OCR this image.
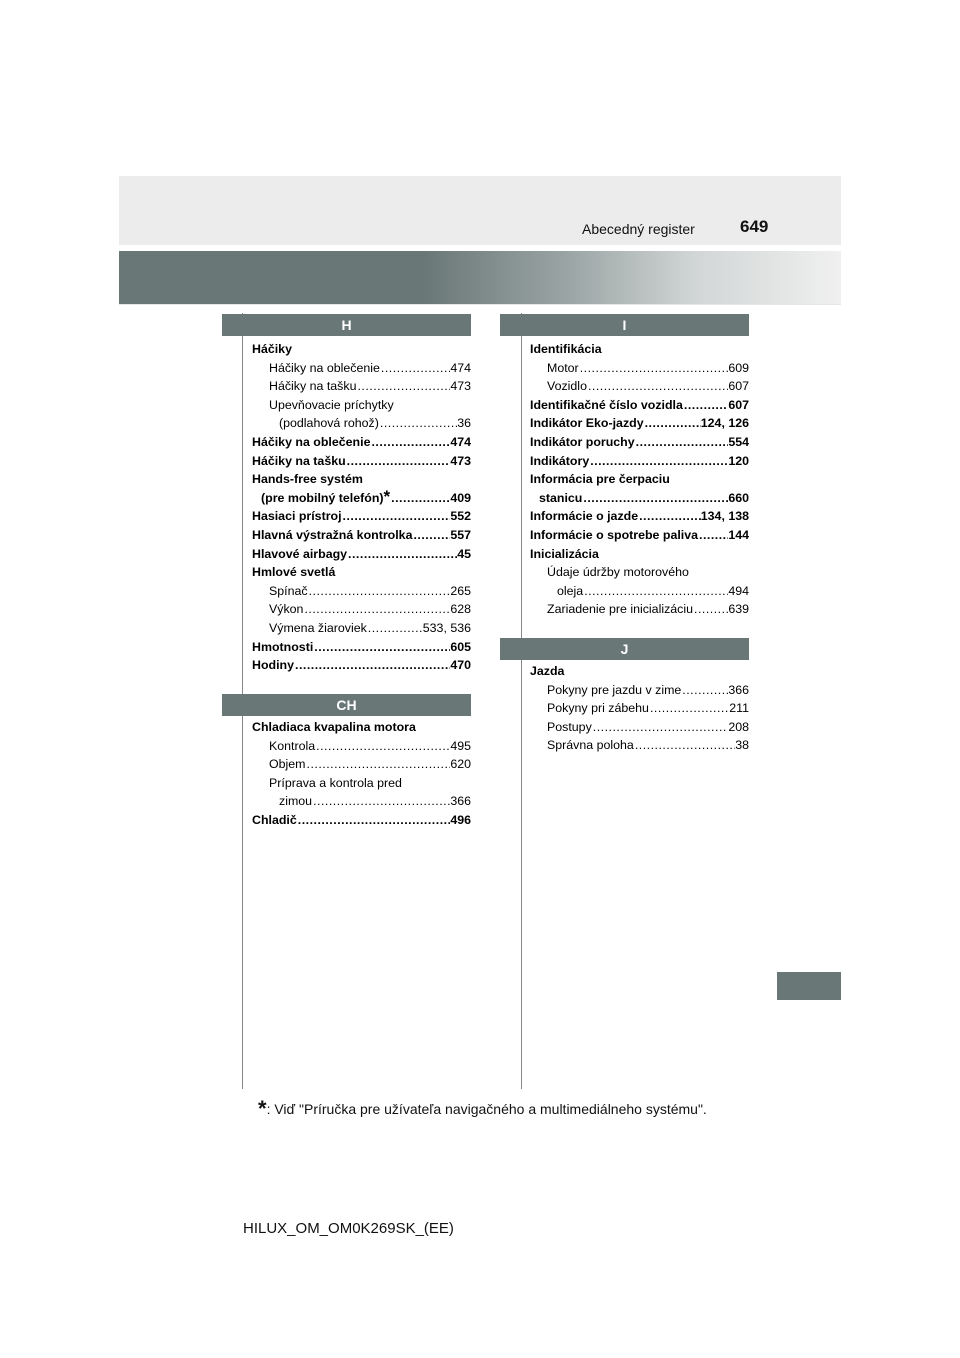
Abecedný register	649
H
Háčiky
Háčiky na oblečenie .....	474
Háčiky na tašku .....	473
Upevňovacie príchytky
(podlahová rohož) .....	36
Háčiky na oblečenie .....	474
Háčiky na tašku .....	473
Hands-free systém
(pre mobilný telefón) * .....	409
Hasiaci prístroj .....	552
Hlavná výstražná kontrolka .....	557
Hlavové airbagy .....	45
Hmlové svetlá
Spínač .....	265
Výkon .....	628
Výmena žiaroviek .....	533, 536
Hmotnosti .....	605
Hodiny .....	470
CH
Chladiaca kvapalina motora
Kontrola .....	495
Objem .....	620
Príprava a kontrola pred
zimou .....	366
Chladič .....	496
I
Identifikácia
Motor .....	609
Vozidlo .....	607
Identifikačné číslo vozidla .....	607
Indikátor Eko-jazdy .....	124, 126
Indikátor poruchy .....	554
Indikátory .....	120
Informácia pre čerpaciu
stanicu .....	660
Informácie o jazde .....	134, 138
Informácie o spotrebe paliva ..... 144
Inicializácia
Údaje údržby motorového
oleja .....	494
Zariadenie pre inicializáciu .....	639
J
Jazda
Pokyny pre jazdu v zime .....	366
Pokyny pri zábehu .....	211
Postupy .....	208
Správna poloha .....	38
*: Viď "Príručka pre užívateľa navigačného a multimediálneho systému".
HILUX_OM_OM0K269SK_(EE)
